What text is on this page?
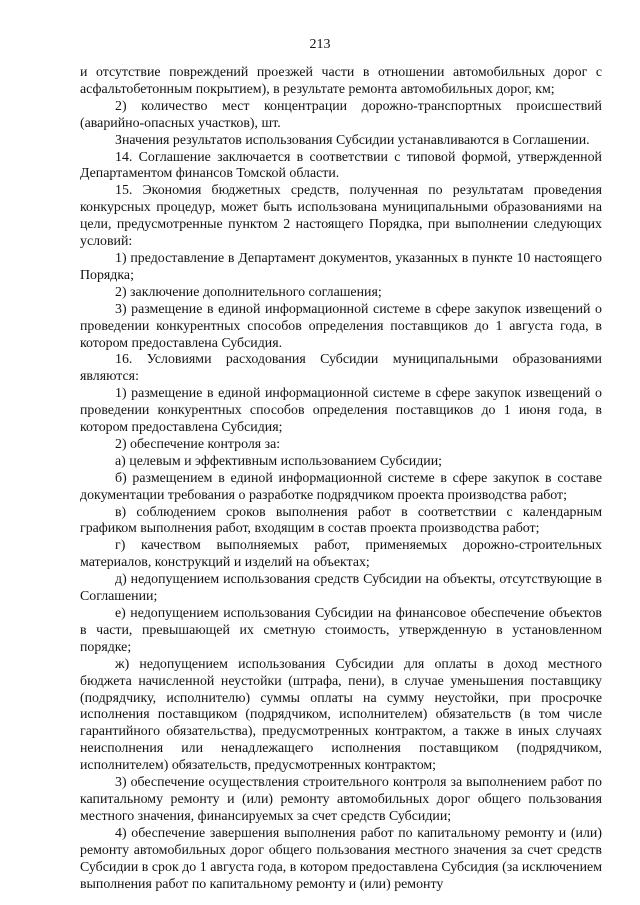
213

и отсутствие повреждений проезжей части в отношении автомобильных дорог с асфальтобетонным покрытием), в результате ремонта автомобильных дорог, км;

2) количество мест концентрации дорожно-транспортных происшествий (аварийно-опасных участков), шт.

Значения результатов использования Субсидии устанавливаются в Соглашении.

14. Соглашение заключается в соответствии с типовой формой, утвержденной Департаментом финансов Томской области.

15. Экономия бюджетных средств, полученная по результатам проведения конкурсных процедур, может быть использована муниципальными образованиями на цели, предусмотренные пунктом 2 настоящего Порядка, при выполнении следующих условий:

1) предоставление в Департамент документов, указанных в пункте 10 настоящего Порядка;

2) заключение дополнительного соглашения;

3) размещение в единой информационной системе в сфере закупок извещений о проведении конкурентных способов определения поставщиков до 1 августа года, в котором предоставлена Субсидия.

16. Условиями расходования Субсидии муниципальными образованиями являются:

1) размещение в единой информационной системе в сфере закупок извещений о проведении конкурентных способов определения поставщиков до 1 июня года, в котором предоставлена Субсидия;

2) обеспечение контроля за:

а) целевым и эффективным использованием Субсидии;

б) размещением в единой информационной системе в сфере закупок в составе документации требования о разработке подрядчиком проекта производства работ;

в) соблюдением сроков выполнения работ в соответствии с календарным графиком выполнения работ, входящим в состав проекта производства работ;

г) качеством выполняемых работ, применяемых дорожно-строительных материалов, конструкций и изделий на объектах;

д) недопущением использования средств Субсидии на объекты, отсутствующие в Соглашении;

е) недопущением использования Субсидии на финансовое обеспечение объектов в части, превышающей их сметную стоимость, утвержденную в установленном порядке;

ж) недопущением использования Субсидии для оплаты в доход местного бюджета начисленной неустойки (штрафа, пени), в случае уменьшения поставщику (подрядчику, исполнителю) суммы оплаты на сумму неустойки, при просрочке исполнения поставщиком (подрядчиком, исполнителем) обязательств (в том числе гарантийного обязательства), предусмотренных контрактом, а также в иных случаях неисполнения или ненадлежащего исполнения поставщиком (подрядчиком, исполнителем) обязательств, предусмотренных контрактом;

3) обеспечение осуществления строительного контроля за выполнением работ по капитальному ремонту и (или) ремонту автомобильных дорог общего пользования местного значения, финансируемых за счет средств Субсидии;

4) обеспечение завершения выполнения работ по капитальному ремонту и (или) ремонту автомобильных дорог общего пользования местного значения за счет средств Субсидии в срок до 1 августа года, в котором предоставлена Субсидия (за исключением выполнения работ по капитальному ремонту и (или) ремонту
